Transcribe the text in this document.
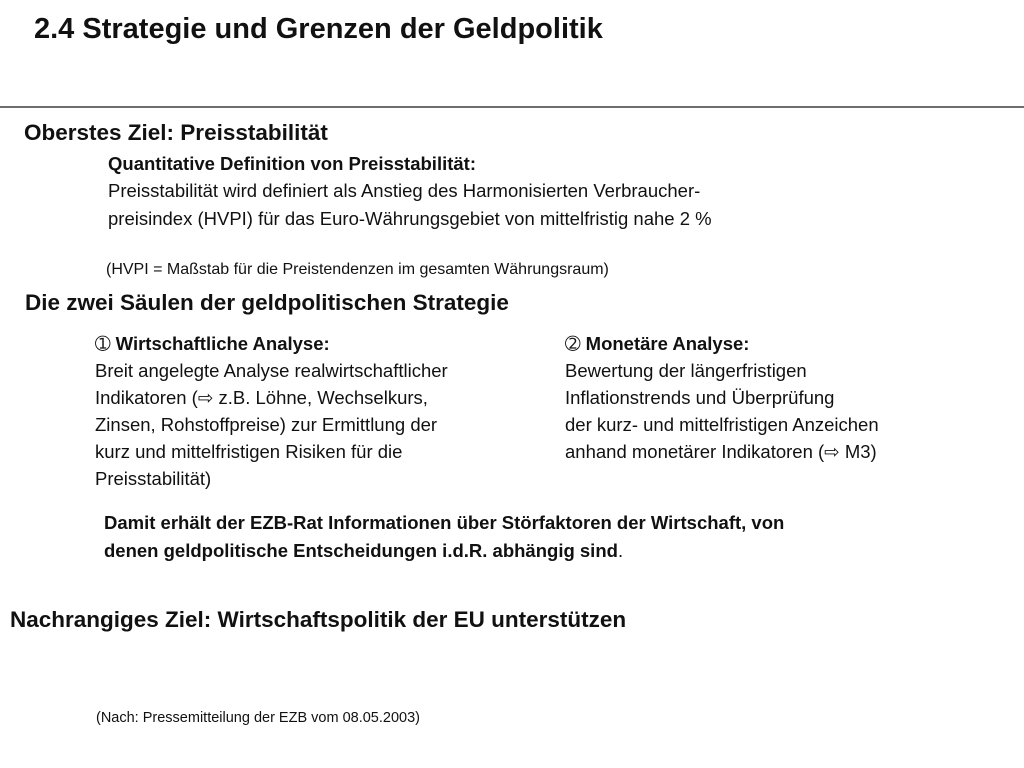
2.4 Strategie und Grenzen der Geldpolitik
Oberstes Ziel: Preisstabilität
Quantitative Definition von Preisstabilität:
Preisstabilität wird definiert als Anstieg des Harmonisierten Verbraucher-
preisindex (HVPI) für das Euro-Währungsgebiet von mittelfristig nahe 2 %
(HVPI = Maßstab für die Preistendenzen im gesamten Währungsraum)
Die zwei Säulen der geldpolitischen Strategie
➀ Wirtschaftliche Analyse:
Breit angelegte Analyse realwirtschaftlicher
Indikatoren (⇨ z.B. Löhne, Wechselkurs,
Zinsen, Rohstoffpreise) zur Ermittlung der
kurz und mittelfristigen Risiken für die
Preisstabilität)
➁ Monetäre Analyse:
Bewertung der längerfristigen
Inflationstrends und Überprüfung
der kurz- und mittelfristigen Anzeichen
anhand monetärer Indikatoren (⇨ M3)
Damit erhält der EZB-Rat Informationen über Störfaktoren der Wirtschaft, von
denen geldpolitische Entscheidungen i.d.R. abhängig sind.
Nachrangiges Ziel: Wirtschaftspolitik der EU unterstützen
(Nach: Pressemitteilung der EZB vom 08.05.2003)
